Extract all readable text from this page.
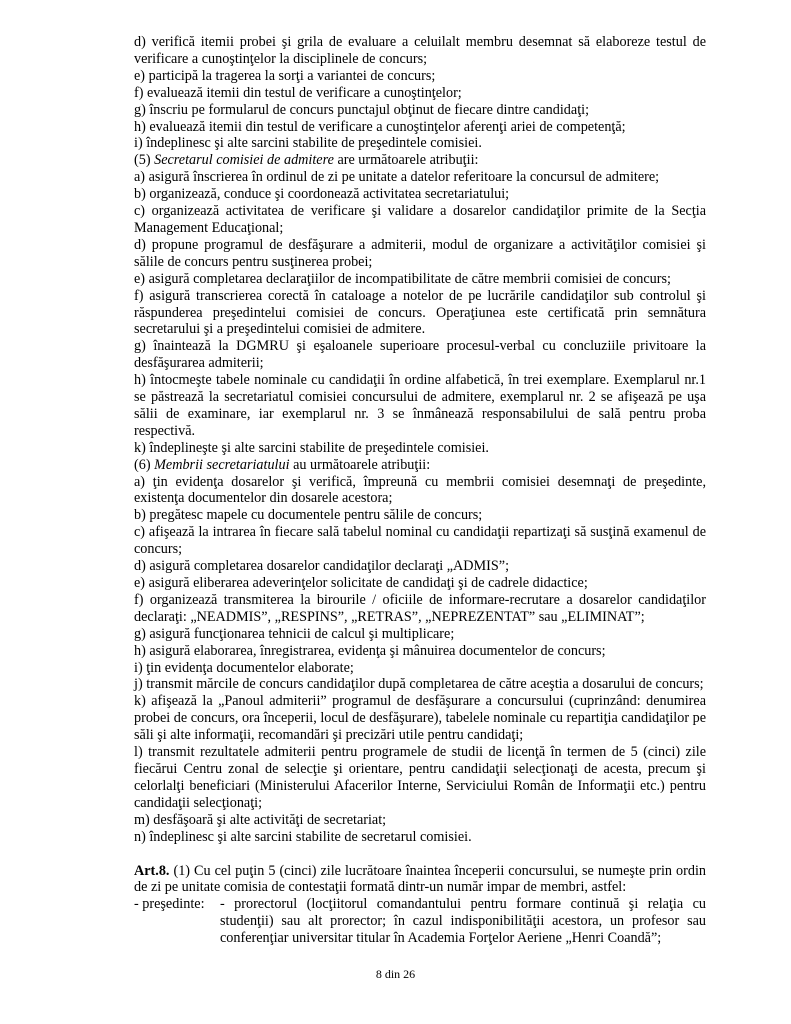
d) verifică itemii probei şi grila de evaluare a celuilalt membru desemnat să elaboreze testul de verificare a cunoştinţelor la disciplinele de concurs;

e) participă la tragerea la sorţi a variantei de concurs;

f) evaluează itemii din testul de verificare a cunoştinţelor;

g) înscriu pe formularul de concurs punctajul obţinut de fiecare dintre candidaţi;

h) evaluează itemii din testul de verificare a cunoştinţelor aferenţi ariei de competenţă;

i) îndeplinesc şi alte sarcini stabilite de preşedintele comisiei.

(5) Secretarul comisiei de admitere are următoarele atribuţii:

a) asigură înscrierea în ordinul de zi pe unitate a datelor referitoare la concursul de admitere;

b) organizează, conduce şi coordonează activitatea secretariatului;

c) organizează activitatea de verificare şi validare a dosarelor candidaţilor primite de la Secţia Management Educaţional;

d) propune programul de desfăşurare a admiterii, modul de organizare a activităţilor comisiei şi sălile de concurs pentru susţinerea probei;

e) asigură completarea declaraţiilor de incompatibilitate de către membrii comisiei de concurs;

f) asigură transcrierea corectă în cataloage a notelor de pe lucrările candidaţilor sub controlul şi răspunderea preşedintelui comisiei de concurs. Operaţiunea este certificată prin semnătura secretarului şi a preşedintelui comisiei de admitere.

g) înaintează la DGMRU şi eşaloanele superioare procesul-verbal cu concluziile privitoare la desfăşurarea admiterii;

h) întocmeşte tabele nominale cu candidaţii în ordine alfabetică, în trei exemplare. Exemplarul nr.1 se păstrează la secretariatul comisiei concursului de admitere, exemplarul nr. 2 se afişează pe uşa sălii de examinare, iar exemplarul nr. 3 se înmânează responsabilului de sală pentru proba respectivă.

k) îndeplineşte şi alte sarcini stabilite de preşedintele comisiei.

(6) Membrii secretariatului au următoarele atribuţii:

a) ţin evidenţa dosarelor şi verifică, împreună cu membrii comisiei desemnaţi de preşedinte, existenţa documentelor din dosarele acestora;

b) pregătesc mapele cu documentele pentru sălile de concurs;

c) afişează la intrarea în fiecare sală tabelul nominal cu candidaţii repartizaţi să susţină examenul de concurs;

d) asigură completarea dosarelor candidaţilor declaraţi „ADMIS”;

e) asigură eliberarea adeverinţelor solicitate de candidaţi şi de cadrele didactice;

f) organizează transmiterea la birourile / oficiile de informare-recrutare a dosarelor candidaţilor declaraţi: „NEADMIS”, „RESPINS”, „RETRAS”, „NEPREZENTAT” sau „ELIMINAT”;

g) asigură funcţionarea tehnicii de calcul şi multiplicare;

h) asigură elaborarea, înregistrarea, evidenţa şi mânuirea documentelor de concurs;

i) ţin evidenţa documentelor elaborate;

j) transmit mărcile de concurs candidaţilor după completarea de către aceştia a dosarului de concurs;

k) afişează la „Panoul admiterii” programul de desfăşurare a concursului (cuprinzând: denumirea probei de concurs, ora începerii, locul de desfăşurare), tabelele nominale cu repartiţia candidaţilor pe săli şi alte informaţii, recomandări şi precizări utile pentru candidaţi;

l) transmit rezultatele admiterii pentru programele de studii de licenţă în termen de 5 (cinci) zile fiecărui Centru zonal de selecţie şi orientare, pentru candidaţii selecţionaţi de acesta, precum şi celorlalţi beneficiari (Ministerului Afacerilor Interne, Serviciului Român de Informaţii etc.) pentru candidaţii selecţionaţi;

m) desfăşoară şi alte activităţi de secretariat;

n) îndeplinesc şi alte sarcini stabilite de secretarul comisiei.

Art.8. (1) Cu cel puţin 5 (cinci) zile lucrătoare înaintea începerii concursului, se numeşte prin ordin de zi pe unitate comisia de contestaţii formată dintr-un număr impar de membri, astfel:

- preşedinte:	- prorectorul (locţiitorul comandantului pentru formare continuă şi relaţia cu studenţii) sau alt prorector; în cazul indisponibilităţii acestora, un profesor sau conferenţiar universitar titular în Academia Forţelor Aeriene „Henri Coandă”;
8 din 26
